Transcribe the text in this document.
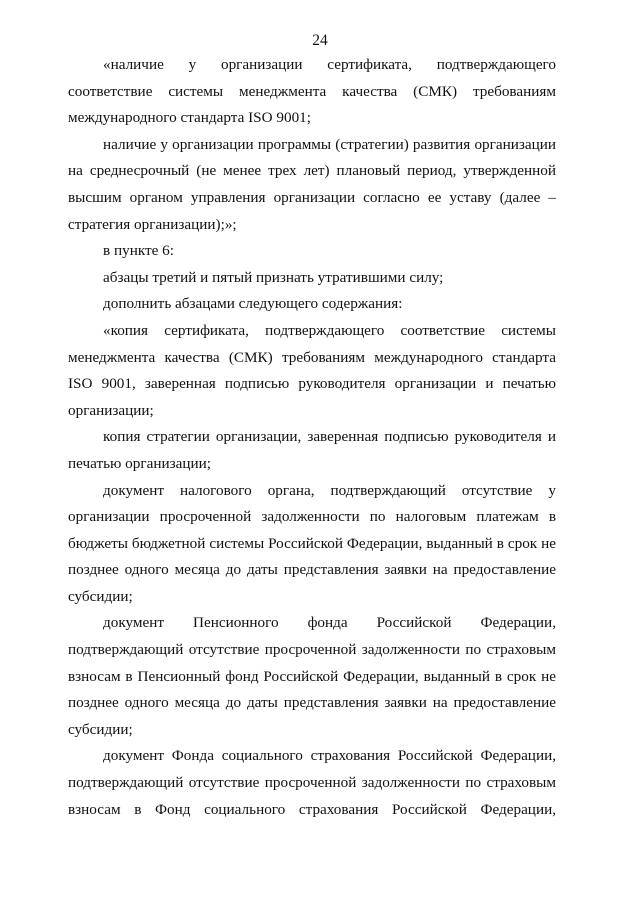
24

«наличие у организации сертификата, подтверждающего соответствие системы менеджмента качества (СМК) требованиям международного стандарта ISO 9001;

наличие у организации программы (стратегии) развития организации на среднесрочный (не менее трех лет) плановый период, утвержденной высшим органом управления организации согласно ее уставу (далее – стратегия организации);»;

в пункте 6:

абзацы третий и пятый признать утратившими силу;

дополнить абзацами следующего содержания:

«копия сертификата, подтверждающего соответствие системы менеджмента качества (СМК) требованиям международного стандарта ISO 9001, заверенная подписью руководителя организации и печатью организации;

копия стратегии организации, заверенная подписью руководителя и печатью организации;

документ налогового органа, подтверждающий отсутствие у организации просроченной задолженности по налоговым платежам в бюджеты бюджетной системы Российской Федерации, выданный в срок не позднее одного месяца до даты представления заявки на предоставление субсидии;

документ Пенсионного фонда Российской Федерации, подтверждающий отсутствие просроченной задолженности по страховым взносам в Пенсионный фонд Российской Федерации, выданный в срок не позднее одного месяца до даты представления заявки на предоставление субсидии;

документ Фонда социального страхования Российской Федерации, подтверждающий отсутствие просроченной задолженности по страховым взносам в Фонд социального страхования Российской Федерации,
